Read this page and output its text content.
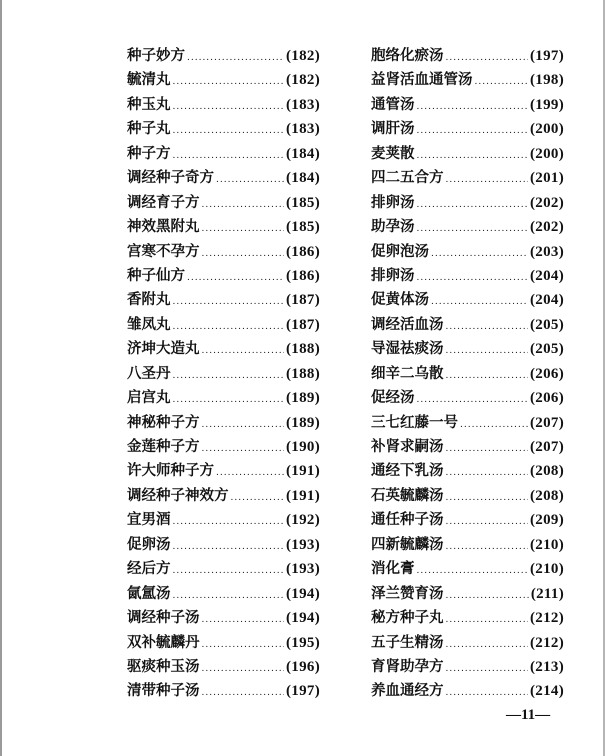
种子妙方 .....	(182)
毓清丸 .....	(182)
种玉丸 .....	(183)
种子丸 .....	(183)
种子方 .....	(184)
调经种子奇方 .....	(184)
调经育子方 .....	(185)
神效黑附丸 .....	(185)
宫寒不孕方 .....	(186)
种子仙方 .....	(186)
香附丸 .....	(187)
雏凤丸 .....	(187)
济坤大造丸 .....	(188)
八圣丹 .....	(188)
启宫丸 .....	(189)
神秘种子方 .....	(189)
金莲种子方 .....	(190)
许大师种子方 .....	(191)
调经种子神效方 .....	(191)
宜男酒 .....	(192)
促卵汤 .....	(193)
经后方 .....	(193)
氤氲汤 .....	(194)
调经种子汤 .....	(194)
双补毓麟丹 .....	(195)
驱痰种玉汤 .....	(196)
清带种子汤 .....	(197)
胞络化瘀汤 .....	(197)
益肾活血通管汤 .....	(198)
通管汤 .....	(199)
调肝汤 .....	(200)
麦荚散 .....	(200)
四二五合方 .....	(201)
排卵汤 .....	(202)
助孕汤 .....	(202)
促卵泡汤 .....	(203)
排卵汤 .....	(204)
促黄体汤 .....	(204)
调经活血汤 .....	(205)
导湿祛痰汤 .....	(205)
细辛二乌散 .....	(206)
促经汤 .....	(206)
三七红藤一号 .....	(207)
补肾求嗣汤 .....	(207)
通经下乳汤 .....	(208)
石英毓麟汤 .....	(208)
通任种子汤 .....	(209)
四新毓麟汤 .....	(210)
消化膏 .....	(210)
泽兰赞育汤 .....	(211)
秘方种子丸 .....	(212)
五子生精汤 .....	(212)
育肾助孕方 .....	(213)
养血通经方 .....	(214)
—11—
